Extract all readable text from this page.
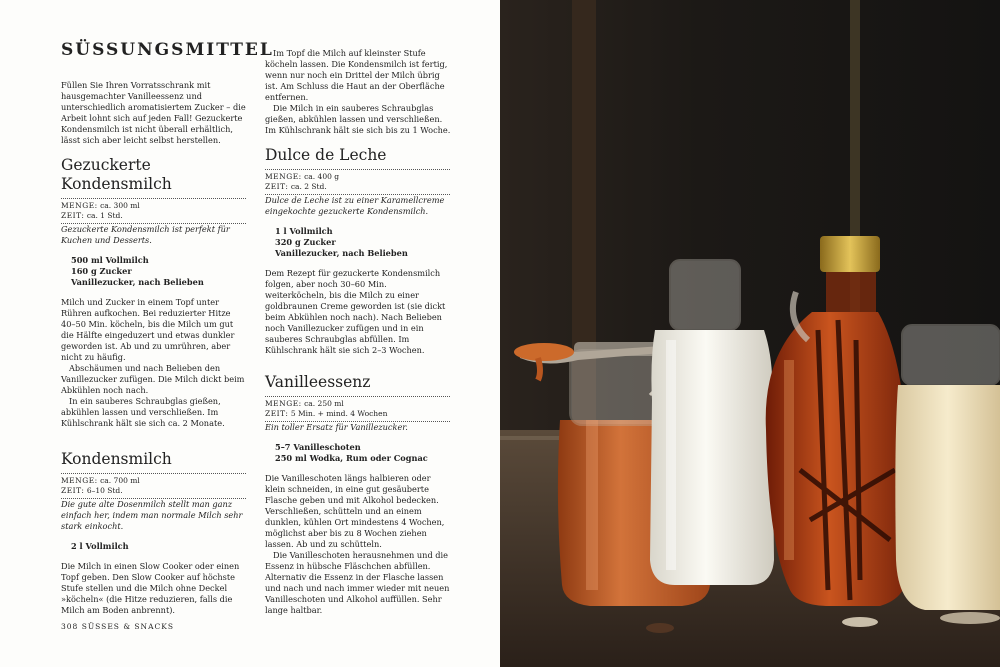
SÜSSUNGSMITTEL

Füllen Sie Ihren Vorratsschrank mit hausgemachter Vanilleessenz und unterschiedlich aromatisiertem Zucker – die Arbeit lohnt sich auf jeden Fall! Gezuckerte Kondensmilch ist nicht überall erhältlich, lässt sich aber leicht selbst herstellen.

Gezuckerte Kondensmilch
MENGE: ca. 300 ml
ZEIT: ca. 1 Std.

Gezuckerte Kondensmilch ist perfekt für Kuchen und Desserts.

500 ml Vollmilch
160 g Zucker
Vanillezucker, nach Belieben

Milch und Zucker in einem Topf unter Rühren aufkochen. Bei reduzierter Hitze 40–50 Min. köcheln, bis die Milch um gut die Hälfte eingeduzert und etwas dunkler geworden ist. Ab und zu umrühren, aber nicht zu häufig.

Abschäumen und nach Belieben den Vanillezucker zufügen. Die Milch dickt beim Abkühlen noch nach.

In ein sauberes Schraubglas gießen, abkühlen lassen und verschließen. Im Kühlschrank hält sie sich ca. 2 Monate.

Kondensmilch
MENGE: ca. 700 ml
ZEIT: 6–10 Std.

Die gute alte Dosenmilch stellt man ganz einfach her, indem man normale Milch sehr stark einkocht.

2 l Vollmilch

Die Milch in einen Slow Cooker oder einen Topf geben. Den Slow Cooker auf höchste Stufe stellen und die Milch ohne Deckel »köcheln« (die Hitze reduzieren, falls die Milch am Boden anbrennt).

308 SÜSSES & SNACKS

Im Topf die Milch auf kleinster Stufe köcheln lassen. Die Kondensmilch ist fertig, wenn nur noch ein Drittel der Milch übrig ist. Am Schluss die Haut an der Oberfläche entfernen.

Die Milch in ein sauberes Schraubglas gießen, abkühlen lassen und verschließen. Im Kühlschrank hält sie sich bis zu 1 Woche.

Dulce de Leche
MENGE: ca. 400 g
ZEIT: ca. 2 Std.

Dulce de Leche ist zu einer Karamellcreme eingekochte gezuckerte Kondensmilch.

1 l Vollmilch
320 g Zucker
Vanillezucker, nach Belieben

Dem Rezept für gezuckerte Kondensmilch folgen, aber noch 30–60 Min. weiterköcheln, bis die Milch zu einer goldbraunen Creme geworden ist (sie dickt beim Abkühlen noch nach). Nach Belieben noch Vanillezucker zufügen und in ein sauberes Schraubglas abfüllen. Im Kühlschrank hält sie sich 2–3 Wochen.

Vanilleessenz
MENGE: ca. 250 ml
ZEIT: 5 Min. + mind. 4 Wochen

Ein toller Ersatz für Vanillezucker.

5–7 Vanilleschoten
250 ml Wodka, Rum oder Cognac

Die Vanilleschoten längs halbieren oder klein schneiden, in eine gut gesäuberte Flasche geben und mit Alkohol bedecken. Verschließen, schütteln und an einem dunklen, kühlen Ort mindestens 4 Wochen, möglichst aber bis zu 8 Wochen ziehen lassen. Ab und zu schütteln.

Die Vanilleschoten herausnehmen und die Essenz in hübsche Fläschchen abfüllen. Alternativ die Essenz in der Flasche lassen und nach und nach immer wieder mit neuen Vanilleschoten und Alkohol auffüllen. Sehr lange haltbar.
